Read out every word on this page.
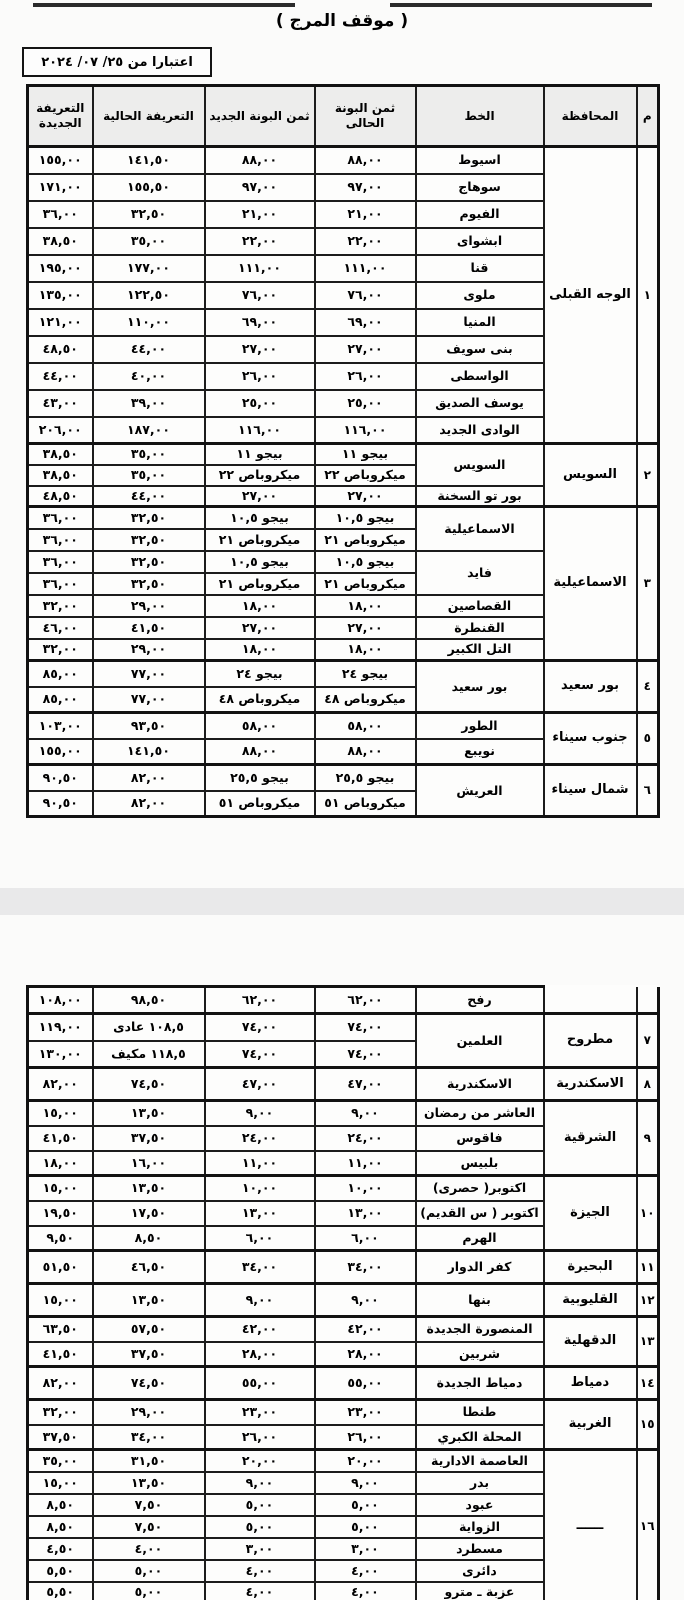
( موقف المرج )
اعتبارا من ٢٥/ ٠٧/ ٢٠٢٤
م	المحافظة	الخط	ثمن البونة الحالى	ثمن البونة الجديد	التعريفة الحالية	التعريفة الجديدة
١	الوجه القبلى	اسيوط	٨٨,٠٠	٨٨,٠٠	١٤١,٥٠	١٥٥,٠٠
		سوهاج	٩٧,٠٠	٩٧,٠٠	١٥٥,٥٠	١٧١,٠٠
		الفيوم	٢١,٠٠	٢١,٠٠	٣٢,٥٠	٣٦,٠٠
		ابشواى	٢٢,٠٠	٢٢,٠٠	٣٥,٠٠	٣٨,٥٠
		قنا	١١١,٠٠	١١١,٠٠	١٧٧,٠٠	١٩٥,٠٠
		ملوى	٧٦,٠٠	٧٦,٠٠	١٢٢,٥٠	١٣٥,٠٠
		المنيا	٦٩,٠٠	٦٩,٠٠	١١٠,٠٠	١٢١,٠٠
		بنى سويف	٢٧,٠٠	٢٧,٠٠	٤٤,٠٠	٤٨,٥٠
		الواسطى	٢٦,٠٠	٢٦,٠٠	٤٠,٠٠	٤٤,٠٠
		يوسف الصديق	٢٥,٠٠	٢٥,٠٠	٣٩,٠٠	٤٣,٠٠
		الوادى الجديد	١١٦,٠٠	١١٦,٠٠	١٨٧,٠٠	٢٠٦,٠٠
٢	السويس	السويس	بيجو ١١	بيجو ١١	٣٥,٠٠	٣٨,٥٠
			ميكروباص ٢٢	ميكروباص ٢٢	٣٥,٠٠	٣٨,٥٠
		بور تو السخنة	٢٧,٠٠	٢٧,٠٠	٤٤,٠٠	٤٨,٥٠
٣	الاسماعيلية	الاسماعيلية	بيجو ١٠,٥	بيجو ١٠,٥	٣٢,٥٠	٣٦,٠٠
			ميكروباص ٢١	ميكروباص ٢١	٣٢,٥٠	٣٦,٠٠
		فايد	بيجو ١٠,٥	بيجو ١٠,٥	٣٢,٥٠	٣٦,٠٠
			ميكروباص ٢١	ميكروباص ٢١	٣٢,٥٠	٣٦,٠٠
		القصاصين	١٨,٠٠	١٨,٠٠	٢٩,٠٠	٣٢,٠٠
		القنطرة	٢٧,٠٠	٢٧,٠٠	٤١,٥٠	٤٦,٠٠
		التل الكبير	١٨,٠٠	١٨,٠٠	٢٩,٠٠	٣٢,٠٠
٤	بور سعيد	بور سعيد	بيجو ٢٤	بيجو ٢٤	٧٧,٠٠	٨٥,٠٠
			ميكروباص ٤٨	ميكروباص ٤٨	٧٧,٠٠	٨٥,٠٠
٥	جنوب سيناء	الطور	٥٨,٠٠	٥٨,٠٠	٩٣,٥٠	١٠٣,٠٠
		نويبع	٨٨,٠٠	٨٨,٠٠	١٤١,٥٠	١٥٥,٠٠
٦	شمال سيناء	العريش	بيجو ٢٥,٥	بيجو ٢٥,٥	٨٢,٠٠	٩٠,٥٠
			ميكروباص ٥١	ميكروباص ٥١	٨٢,٠٠	٩٠,٥٠
		رفح	٦٢,٠٠	٦٢,٠٠	٩٨,٥٠	١٠٨,٠٠
٧	مطروح	العلمين	٧٤,٠٠	٧٤,٠٠	١٠٨,٥ عادى	١١٩,٠٠
			٧٤,٠٠	٧٤,٠٠	١١٨,٥ مكيف	١٣٠,٠٠
٨	الاسكندرية	الاسكندرية	٤٧,٠٠	٤٧,٠٠	٧٤,٥٠	٨٢,٠٠
٩	الشرقية	العاشر من رمضان	٩,٠٠	٩,٠٠	١٣,٥٠	١٥,٠٠
		فاقوس	٢٤,٠٠	٢٤,٠٠	٣٧,٥٠	٤١,٥٠
		بلبيس	١١,٠٠	١١,٠٠	١٦,٠٠	١٨,٠٠
١٠	الجيزة	اكتوبر( حصرى)	١٠,٠٠	١٠,٠٠	١٣,٥٠	١٥,٠٠
		اكتوبر ( س القديم)	١٣,٠٠	١٣,٠٠	١٧,٥٠	١٩,٥٠
		الهرم	٦,٠٠	٦,٠٠	٨,٥٠	٩,٥٠
١١	البحيرة	كفر الدوار	٣٤,٠٠	٣٤,٠٠	٤٦,٥٠	٥١,٥٠
١٢	القليوبية	بنها	٩,٠٠	٩,٠٠	١٣,٥٠	١٥,٠٠
١٣	الدقهلية	المنصورة الجديدة	٤٢,٠٠	٤٢,٠٠	٥٧,٥٠	٦٣,٥٠
		شربين	٢٨,٠٠	٢٨,٠٠	٣٧,٥٠	٤١,٥٠
١٤	دمياط	دمياط الجديدة	٥٥,٠٠	٥٥,٠٠	٧٤,٥٠	٨٢,٠٠
١٥	الغربية	طنطا	٢٣,٠٠	٢٣,٠٠	٢٩,٠٠	٣٢,٠٠
		المحلة الكبري	٢٦,٠٠	٢٦,٠٠	٣٤,٠٠	٣٧,٥٠
١٦	ــــــ	العاصمة الادارية	٢٠,٠٠	٢٠,٠٠	٣١,٥٠	٣٥,٠٠
		بدر	٩,٠٠	٩,٠٠	١٣,٥٠	١٥,٠٠
		عبود	٥,٠٠	٥,٠٠	٧,٥٠	٨,٥٠
		الزواية	٥,٠٠	٥,٠٠	٧,٥٠	٨,٥٠
		مسطرد	٣,٠٠	٣,٠٠	٤,٠٠	٤,٥٠
		دائرى	٤,٠٠	٤,٠٠	٥,٠٠	٥,٥٠
		عزبة ـ مترو	٤,٠٠	٤,٠٠	٥,٠٠	٥,٥٠
